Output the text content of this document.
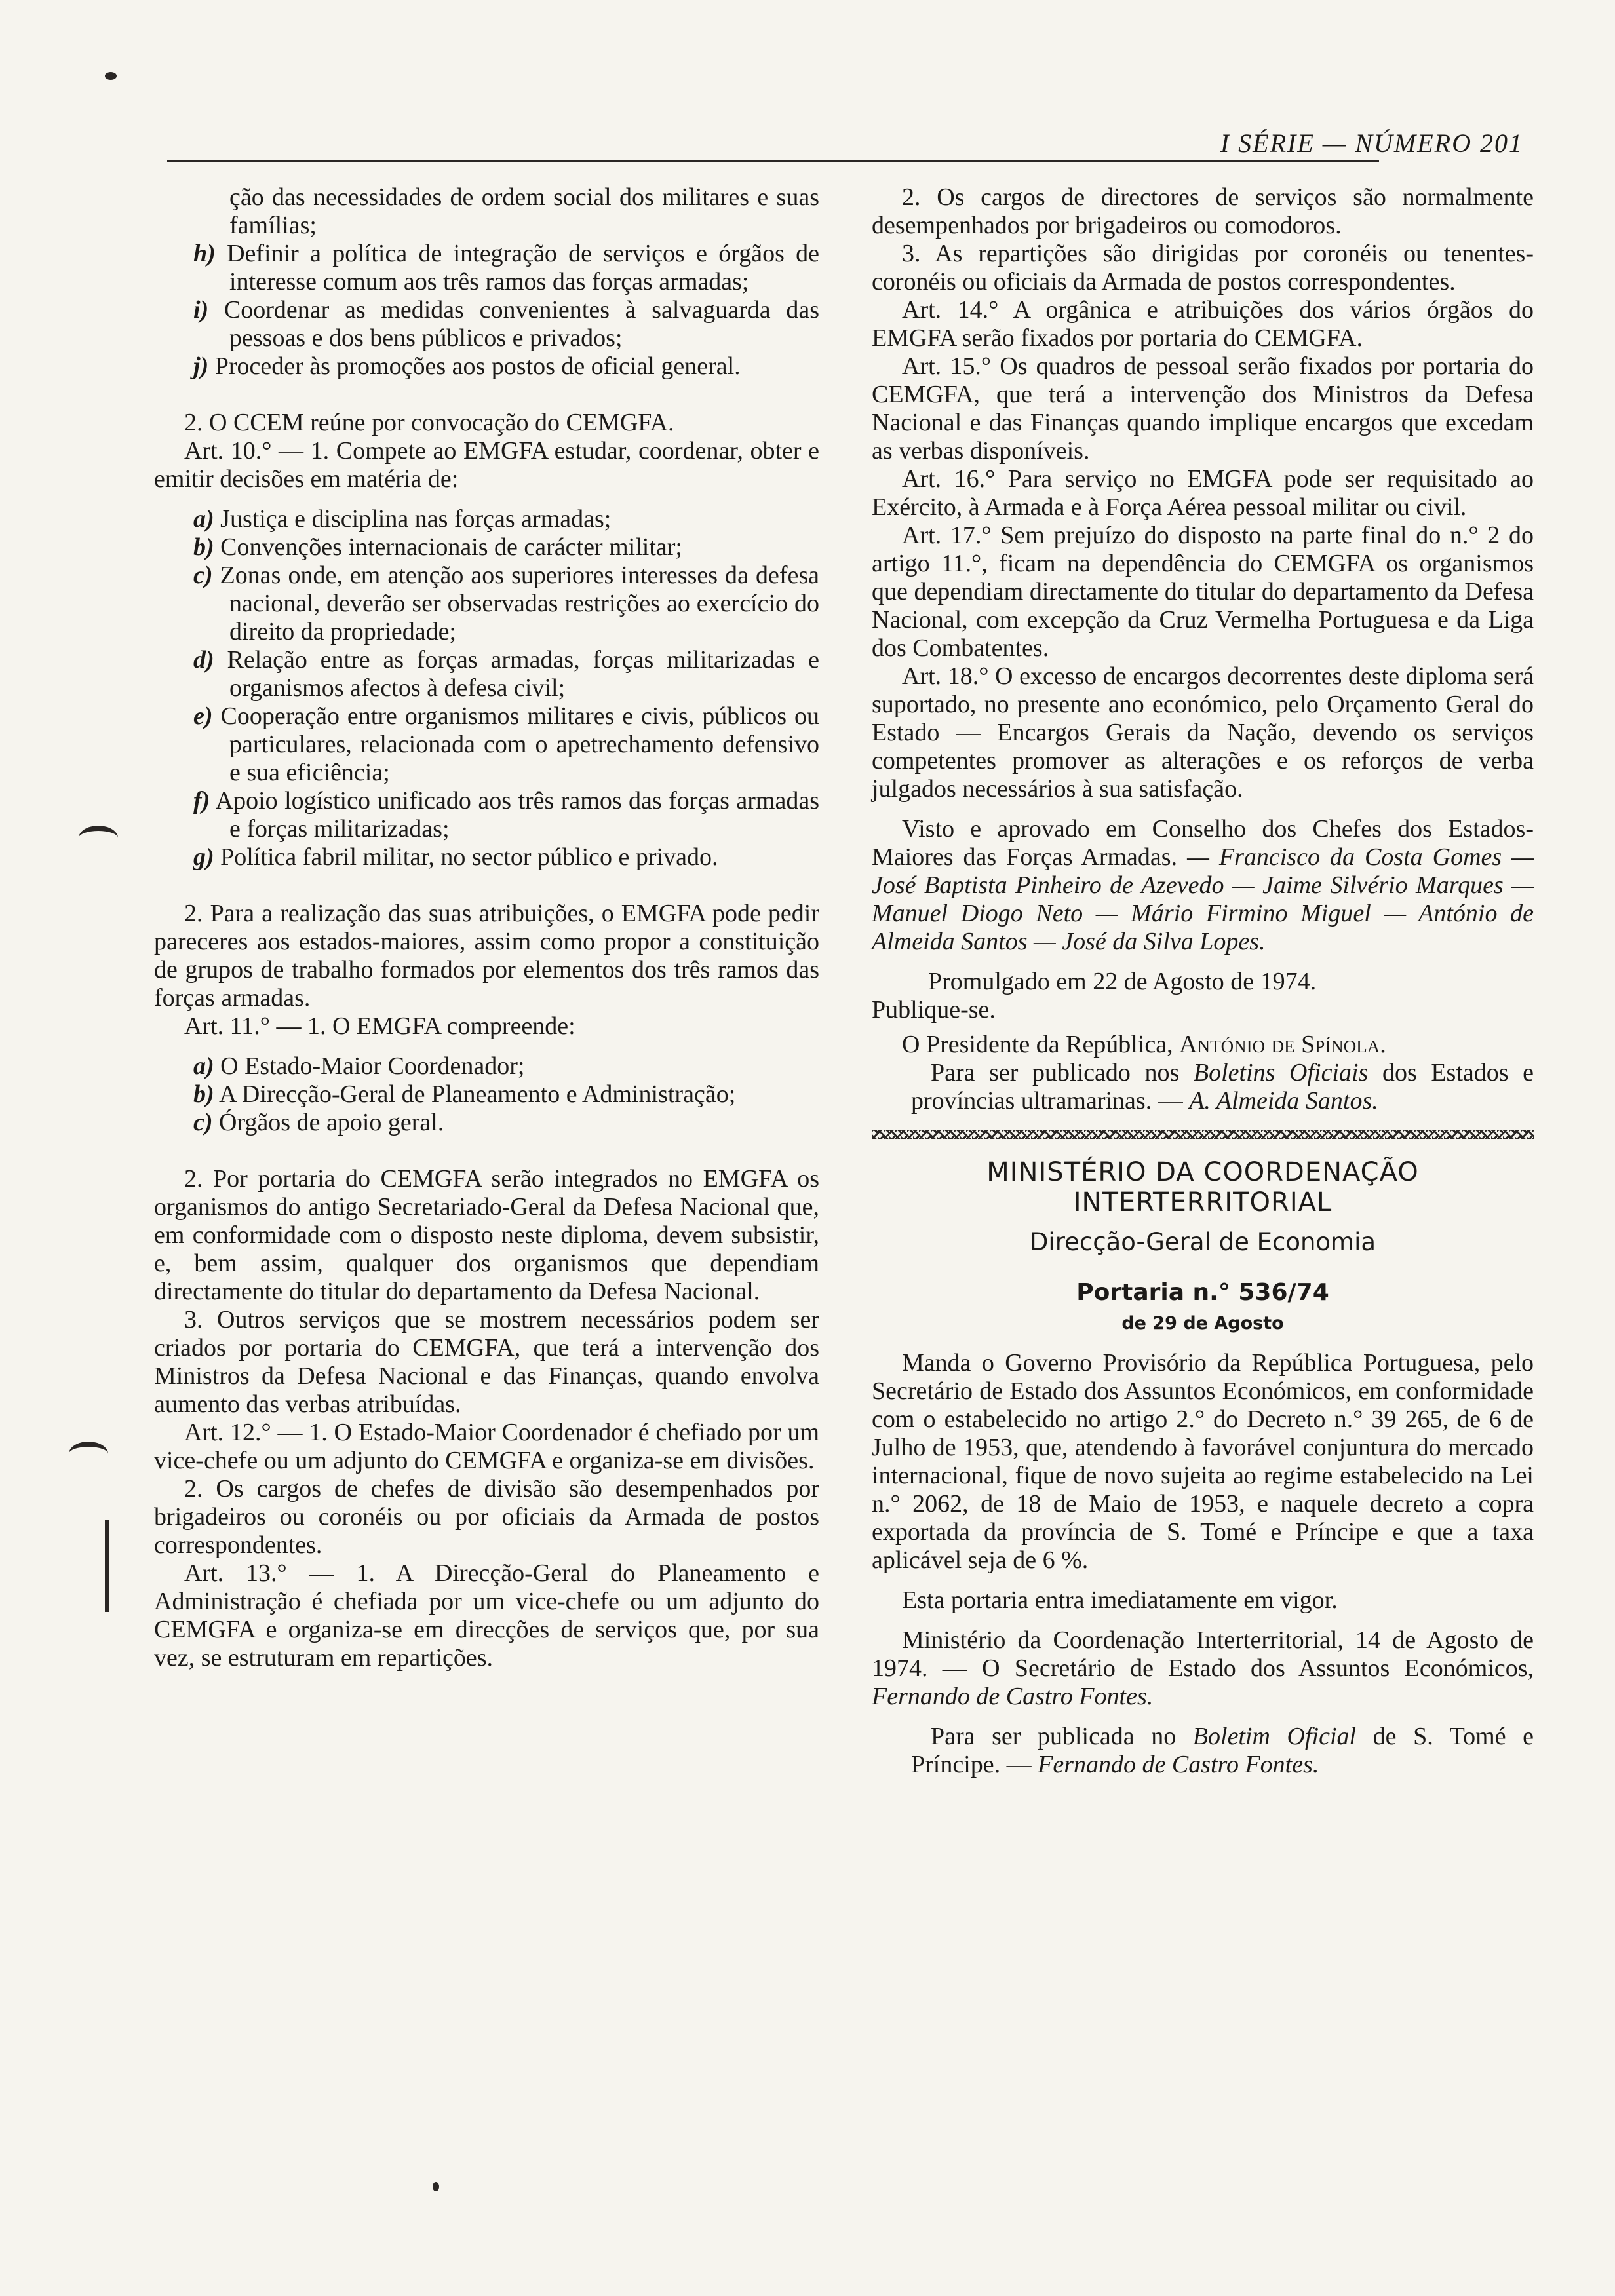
I SÉRIE — NÚMERO 201

ção das necessidades de ordem social dos militares e suas famílias;

h) Definir a política de integração de serviços e órgãos de interesse comum aos três ramos das forças armadas;

i) Coordenar as medidas convenientes à salvaguarda das pessoas e dos bens públicos e privados;

j) Proceder às promoções aos postos de oficial general.

2. O CCEM reúne por convocação do CEMGFA.

Art. 10.° — 1. Compete ao EMGFA estudar, coordenar, obter e emitir decisões em matéria de:

a) Justiça e disciplina nas forças armadas;

b) Convenções internacionais de carácter militar;

c) Zonas onde, em atenção aos superiores interesses da defesa nacional, deverão ser observadas restrições ao exercício do direito da propriedade;

d) Relação entre as forças armadas, forças militarizadas e organismos afectos à defesa civil;

e) Cooperação entre organismos militares e civis, públicos ou particulares, relacionada com o apetrechamento defensivo e sua eficiência;

f) Apoio logístico unificado aos três ramos das forças armadas e forças militarizadas;

g) Política fabril militar, no sector público e privado.

2. Para a realização das suas atribuições, o EMGFA pode pedir pareceres aos estados-maiores, assim como propor a constituição de grupos de trabalho formados por elementos dos três ramos das forças armadas.

Art. 11.° — 1. O EMGFA compreende:

a) O Estado-Maior Coordenador;

b) A Direcção-Geral de Planeamento e Administração;

c) Órgãos de apoio geral.

2. Por portaria do CEMGFA serão integrados no EMGFA os organismos do antigo Secretariado-Geral da Defesa Nacional que, em conformidade com o disposto neste diploma, devem subsistir, e, bem assim, qualquer dos organismos que dependiam directamente do titular do departamento da Defesa Nacional.

3. Outros serviços que se mostrem necessários podem ser criados por portaria do CEMGFA, que terá a intervenção dos Ministros da Defesa Nacional e das Finanças, quando envolva aumento das verbas atribuídas.

Art. 12.° — 1. O Estado-Maior Coordenador é chefiado por um vice-chefe ou um adjunto do CEMGFA e organiza-se em divisões.

2. Os cargos de chefes de divisão são desempenhados por brigadeiros ou coronéis ou por oficiais da Armada de postos correspondentes.

Art. 13.° — 1. A Direcção-Geral do Planeamento e Administração é chefiada por um vice-chefe ou um adjunto do CEMGFA e organiza-se em direcções de serviços que, por sua vez, se estruturam em repartições.

2. Os cargos de directores de serviços são normalmente desempenhados por brigadeiros ou comodoros.

3. As repartições são dirigidas por coronéis ou tenentes-coronéis ou oficiais da Armada de postos correspondentes.

Art. 14.° A orgânica e atribuições dos vários órgãos do EMGFA serão fixados por portaria do CEMGFA.

Art. 15.° Os quadros de pessoal serão fixados por portaria do CEMGFA, que terá a intervenção dos Ministros da Defesa Nacional e das Finanças quando implique encargos que excedam as verbas disponíveis.

Art. 16.° Para serviço no EMGFA pode ser requisitado ao Exército, à Armada e à Força Aérea pessoal militar ou civil.

Art. 17.° Sem prejuízo do disposto na parte final do n.° 2 do artigo 11.°, ficam na dependência do CEMGFA os organismos que dependiam directamente do titular do departamento da Defesa Nacional, com excepção da Cruz Vermelha Portuguesa e da Liga dos Combatentes.

Art. 18.° O excesso de encargos decorrentes deste diploma será suportado, no presente ano económico, pelo Orçamento Geral do Estado — Encargos Gerais da Nação, devendo os serviços competentes promover as alterações e os reforços de verba julgados necessários à sua satisfação.

Visto e aprovado em Conselho dos Chefes dos Estados-Maiores das Forças Armadas. — Francisco da Costa Gomes — José Baptista Pinheiro de Azevedo — Jaime Silvério Marques — Manuel Diogo Neto — Mário Firmino Miguel — António de Almeida Santos — José da Silva Lopes.

Promulgado em 22 de Agosto de 1974.

Publique-se.

O Presidente da República, António de Spínola.

Para ser publicado nos Boletins Oficiais dos Estados e províncias ultramarinas. — A. Almeida Santos.

MINISTÉRIO DA COORDENAÇÃO
INTERTERRITORIAL
Direcção-Geral de Economia
Portaria n.° 536/74
de 29 de Agosto

Manda o Governo Provisório da República Portuguesa, pelo Secretário de Estado dos Assuntos Económicos, em conformidade com o estabelecido no artigo 2.° do Decreto n.° 39 265, de 6 de Julho de 1953, que, atendendo à favorável conjuntura do mercado internacional, fique de novo sujeita ao regime estabelecido na Lei n.° 2062, de 18 de Maio de 1953, e naquele decreto a copra exportada da província de S. Tomé e Príncipe e que a taxa aplicável seja de 6 %.

Esta portaria entra imediatamente em vigor.

Ministério da Coordenação Interterritorial, 14 de Agosto de 1974. — O Secretário de Estado dos Assuntos Económicos, Fernando de Castro Fontes.

Para ser publicada no Boletim Oficial de S. Tomé e Príncipe. — Fernando de Castro Fontes.
